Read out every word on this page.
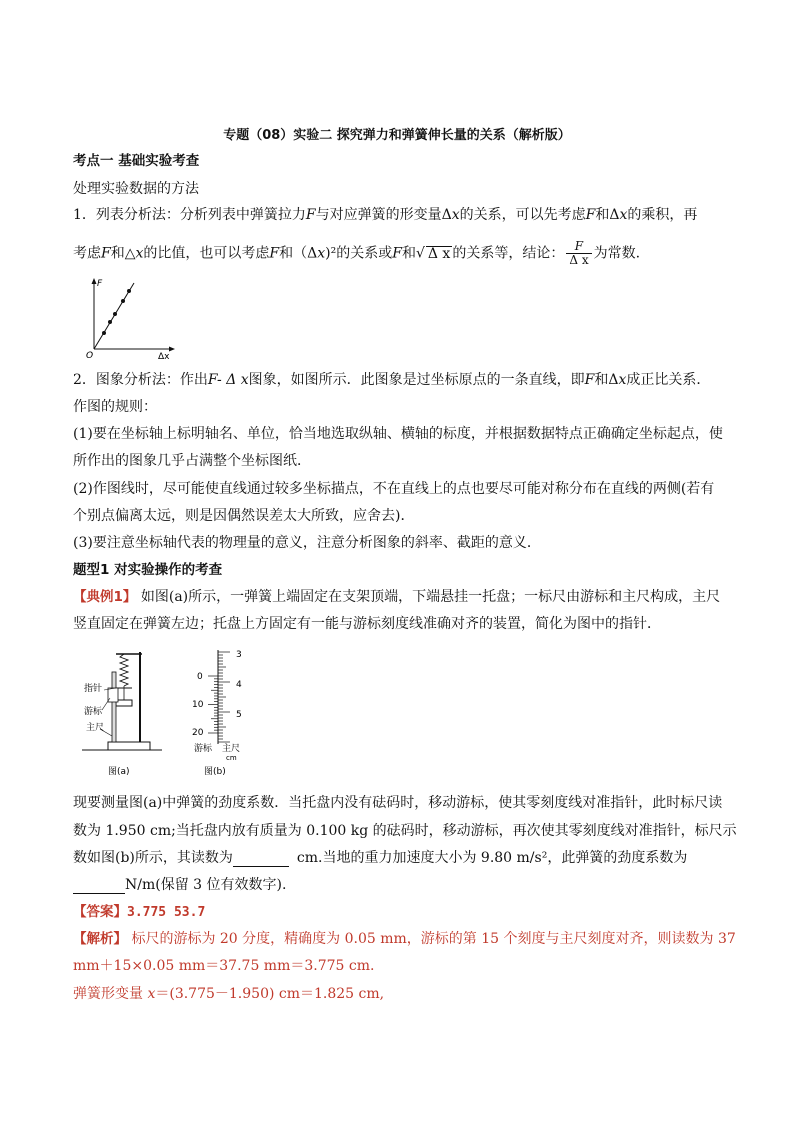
专题（08）实验二 探究弹力和弹簧伸长量的关系（解析版）
考点一 基础实验考查
处理实验数据的方法
1．列表分析法：分析列表中弹簧拉力F与对应弹簧的形变量Δx的关系，可以先考虑F和Δx的乘积，再
考虑F和△x的比值，也可以考虑F和（Δx)²的关系或F和√ Δ x 的关系等，结论： $\frac{F}{\text{Δ x}}$ 为常数.
F
O	Δx
2．图象分析法：作出F- Δ x图象，如图所示．此图象是过坐标原点的一条直线，即F和Δx成正比关系．
作图的规则：
(1)要在坐标轴上标明轴名、单位，恰当地选取纵轴、横轴的标度，并根据数据特点正确确定坐标起点，使
所作出的图象几乎占满整个坐标图纸．
(2)作图线时，尽可能使直线通过较多坐标描点，不在直线上的点也要尽可能对称分布在直线的两侧(若有
个别点偏离太远，则是因偶然误差太大所致，应舍去)．
(3)要注意坐标轴代表的物理量的意义，注意分析图象的斜率、截距的意义．
题型1 对实验操作的考查
【典例1】 如图(a)所示，一弹簧上端固定在支架顶端，下端悬挂一托盘；一标尺由游标和主尺构成，主尺
竖直固定在弹簧左边；托盘上方固定有一能与游标刻度线准确对齐的装置，简化为图中的指针．
指针
游标
主尺
图(a)
3
4
5
0
10
20
游标 主尺
cm
图(b)
现要测量图(a)中弹簧的劲度系数．当托盘内没有砝码时，移动游标，使其零刻度线对准指针，此时标尺读
数为 1.950 cm;当托盘内放有质量为 0.100 kg 的砝码时，移动游标，再次使其零刻度线对准指针，标尺示
数如图(b)所示，其读数为	cm.当地的重力加速度大小为 9.80 m/s²，此弹簧的劲度系数为
N/m(保留 3 位有效数字).
【答案】3.775 53.7
【解析】 标尺的游标为 20 分度，精确度为 0.05 mm，游标的第 15 个刻度与主尺刻度对齐，则读数为 37
mm＋15×0.05 mm＝37.75 mm＝3.775 cm.
弹簧形变量 x＝(3.775－1.950) cm＝1.825 cm,
